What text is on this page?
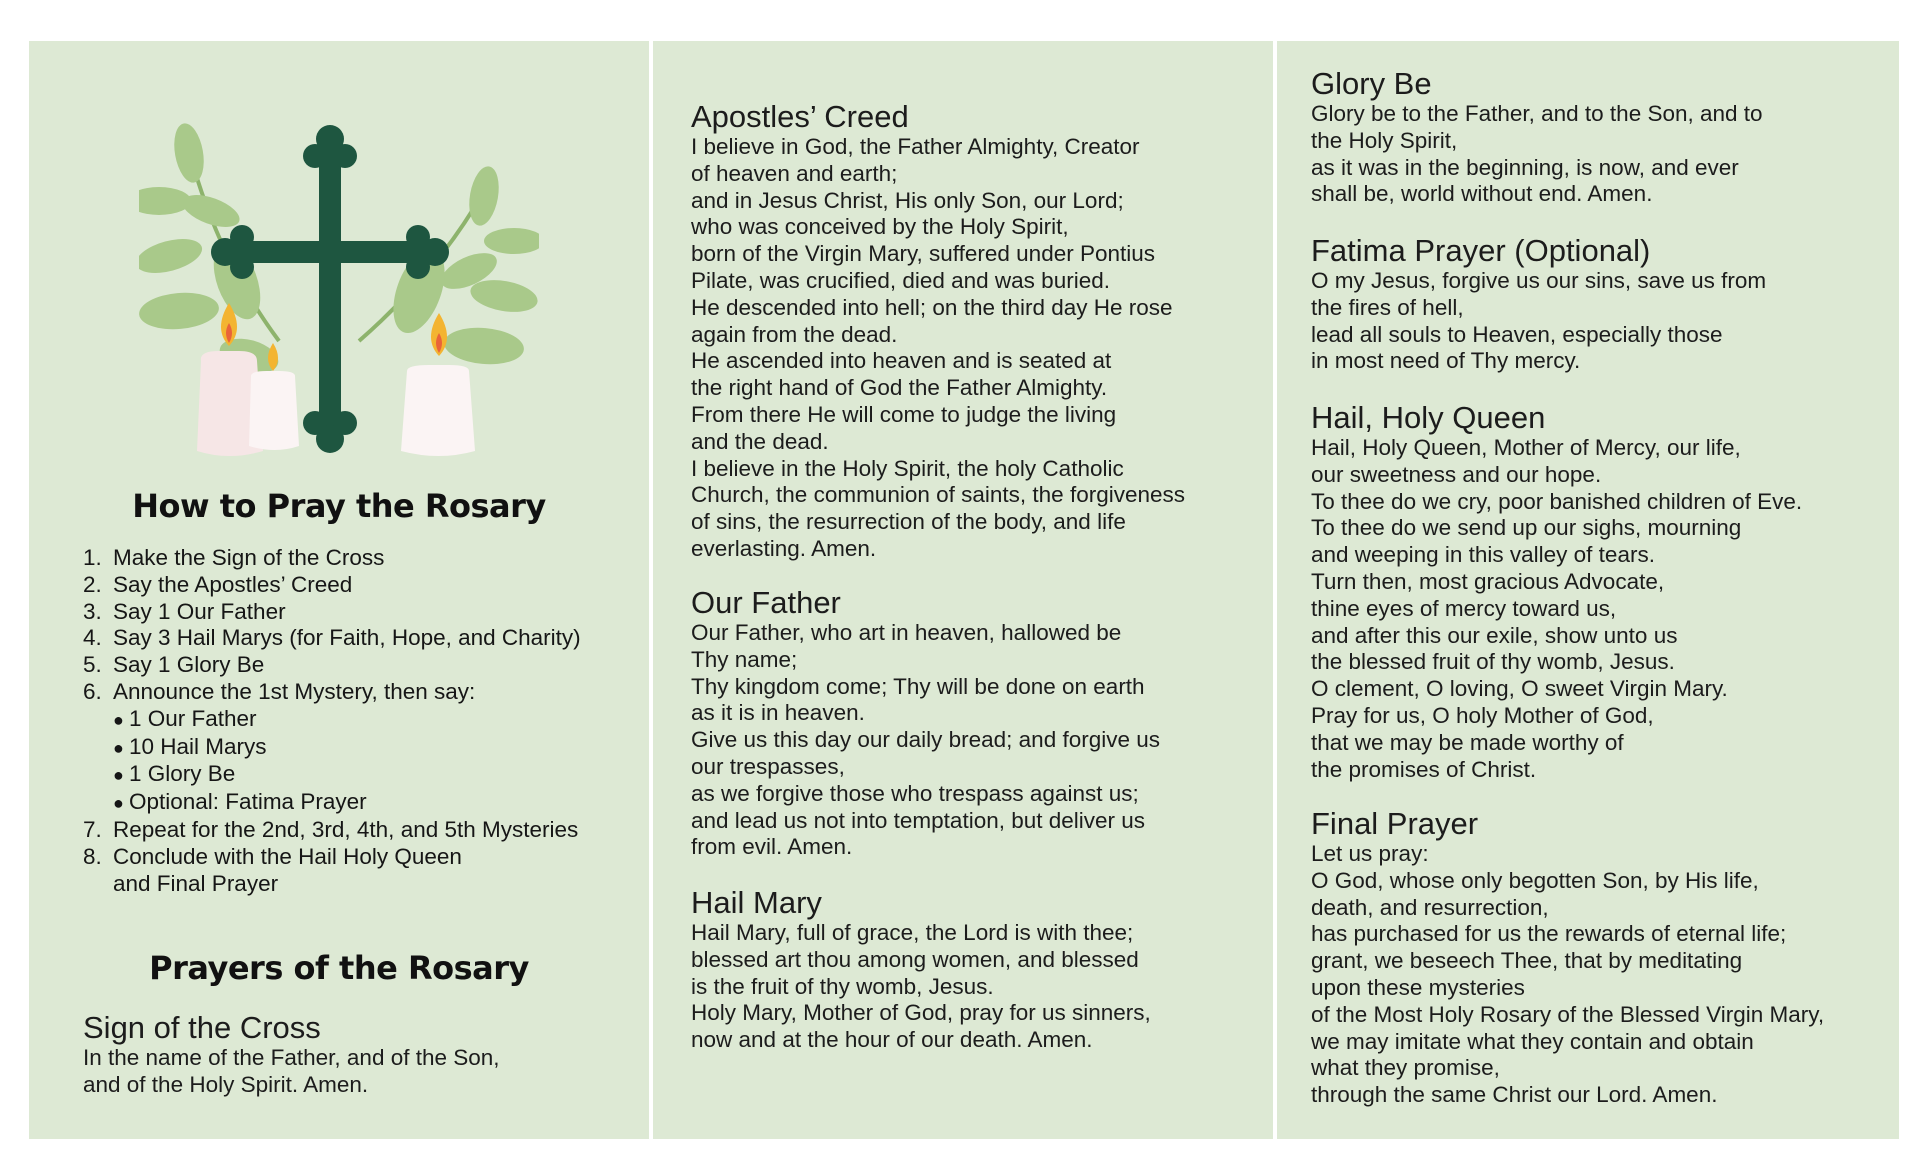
How to Pray the Rosary
1. Make the Sign of the Cross
2. Say the Apostles’ Creed
3. Say 1 Our Father
4. Say 3 Hail Marys (for Faith, Hope, and Charity)
5. Say 1 Glory Be
6. Announce the 1st Mystery, then say:
● 1 Our Father
● 10 Hail Marys
● 1 Glory Be
● Optional: Fatima Prayer
7. Repeat for the 2nd, 3rd, 4th, and 5th Mysteries
8. Conclude with the Hail Holy Queen
and Final Prayer
Prayers of the Rosary
Sign of the Cross

In the name of the Father, and of the Son,
and of the Holy Spirit. Amen.

Apostles’ Creed

I believe in God, the Father Almighty, Creator
of heaven and earth;
and in Jesus Christ, His only Son, our Lord;
who was conceived by the Holy Spirit,
born of the Virgin Mary, suffered under Pontius
Pilate, was crucified, died and was buried.
He descended into hell; on the third day He rose
again from the dead.
He ascended into heaven and is seated at
the right hand of God the Father Almighty.
From there He will come to judge the living
and the dead.
I believe in the Holy Spirit, the holy Catholic
Church, the communion of saints, the forgiveness
of sins, the resurrection of the body, and life
everlasting. Amen.

Our Father

Our Father, who art in heaven, hallowed be
Thy name;
Thy kingdom come; Thy will be done on earth
as it is in heaven.
Give us this day our daily bread; and forgive us
our trespasses,
as we forgive those who trespass against us;
and lead us not into temptation, but deliver us
from evil. Amen.

Hail Mary

Hail Mary, full of grace, the Lord is with thee;
blessed art thou among women, and blessed
is the fruit of thy womb, Jesus.
Holy Mary, Mother of God, pray for us sinners,
now and at the hour of our death. Amen.

Glory Be

Glory be to the Father, and to the Son, and to
the Holy Spirit,
as it was in the beginning, is now, and ever
shall be, world without end. Amen.

Fatima Prayer (Optional)

O my Jesus, forgive us our sins, save us from
the fires of hell,
lead all souls to Heaven, especially those
in most need of Thy mercy.

Hail, Holy Queen

Hail, Holy Queen, Mother of Mercy, our life,
our sweetness and our hope.
To thee do we cry, poor banished children of Eve.
To thee do we send up our sighs, mourning
and weeping in this valley of tears.
Turn then, most gracious Advocate,
thine eyes of mercy toward us,
and after this our exile, show unto us
the blessed fruit of thy womb, Jesus.
O clement, O loving, O sweet Virgin Mary.
Pray for us, O holy Mother of God,
that we may be made worthy of
the promises of Christ.

Final Prayer

Let us pray:
O God, whose only begotten Son, by His life,
death, and resurrection,
has purchased for us the rewards of eternal life;
grant, we beseech Thee, that by meditating
upon these mysteries
of the Most Holy Rosary of the Blessed Virgin Mary,
we may imitate what they contain and obtain
what they promise,
through the same Christ our Lord. Amen.
